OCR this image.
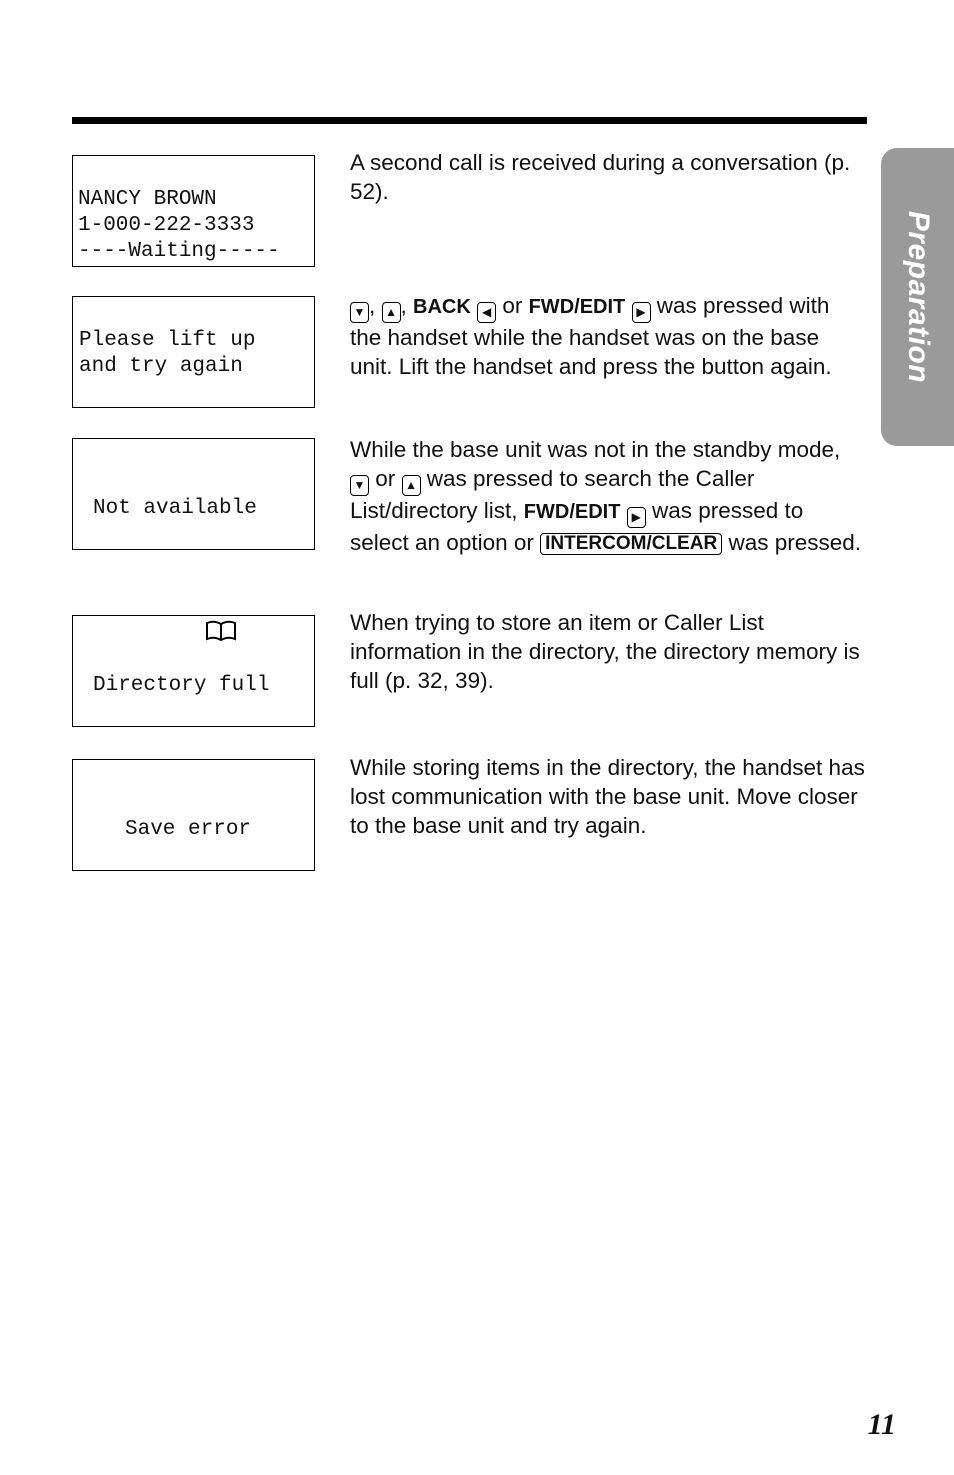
Preparation
NANCY BROWN
1-000-222-3333
----Waiting-----
A second call is received during a conversation (p. 52).
Please lift up
and try again
▼ , ▲ , BACK ◀ or FWD/EDIT ▶ was pressed with the handset while the handset was on the base unit. Lift the handset and press the button again.
Not available
While the base unit was not in the standby mode,
▼ or ▲ was pressed to search the Caller List/directory list, FWD/EDIT ▶ was pressed to select an option or INTERCOM/CLEAR was pressed.
Directory full
When trying to store an item or Caller List information in the directory, the directory memory is full (p. 32, 39).
Save error
While storing items in the directory, the handset has lost communication with the base unit. Move closer to the base unit and try again.
11
